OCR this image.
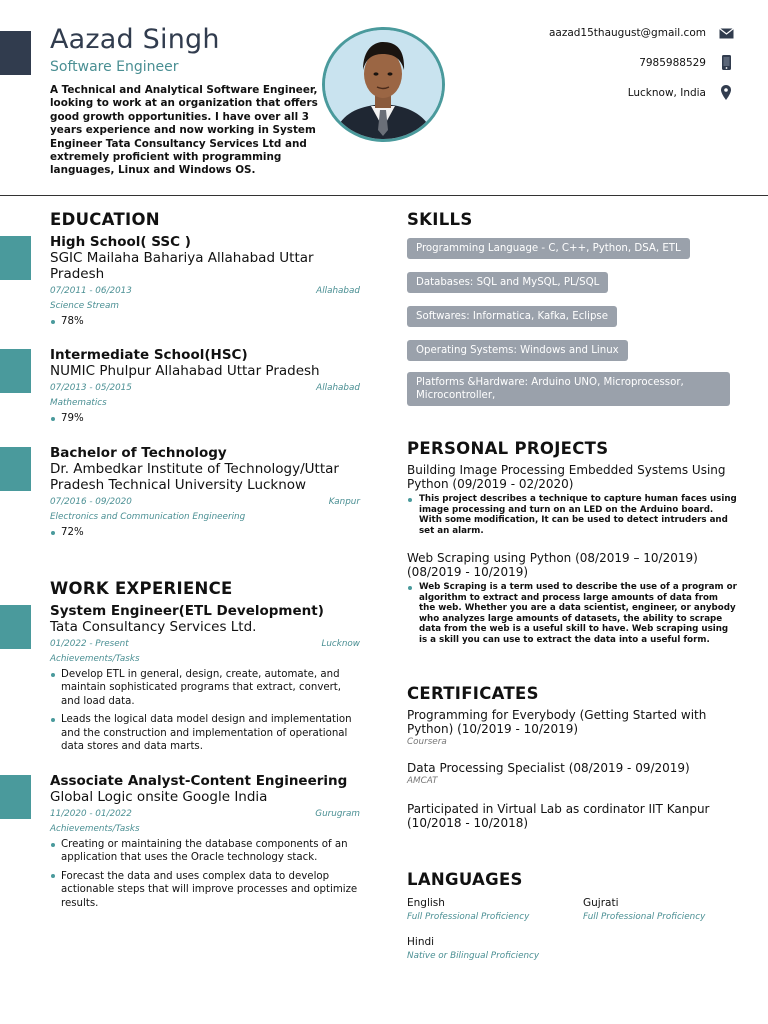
Aazad Singh
Software Engineer
A Technical and Analytical Software Engineer, looking to work at an organization that offers good growth opportunities. I have over all 3 years experience and now working in System Engineer Tata Consultancy Services Ltd and extremely proficient with programming languages, Linux and Windows OS.
aazad15thaugust@gmail.com
7985988529
Lucknow, India
EDUCATION
High School( SSC )
SGIC Mailaha Bahariya Allahabad Uttar Pradesh
07/2011 - 06/2013	Allahabad
Science Stream
78%
Intermediate School(HSC)
NUMIC Phulpur Allahabad Uttar Pradesh
07/2013 - 05/2015	Allahabad
Mathematics
79%
Bachelor of Technology
Dr. Ambedkar Institute of Technology/Uttar Pradesh Technical University Lucknow
07/2016 - 09/2020	Kanpur
Electronics and Communication Engineering
72%
WORK EXPERIENCE
System Engineer(ETL Development)
Tata Consultancy Services Ltd.
01/2022 - Present	Lucknow
Achievements/Tasks
Develop ETL in general, design, create, automate, and maintain sophisticated programs that extract, convert, and load data.
Leads the logical data model design and implementation and the construction and implementation of operational data stores and data marts.
Associate Analyst-Content Engineering
Global Logic onsite Google India
11/2020 - 01/2022	Gurugram
Achievements/Tasks
Creating or maintaining the database components of an application that uses the Oracle technology stack.
Forecast the data and uses complex data to develop actionable steps that will improve processes and optimize results.
SKILLS
Programming Language - C, C++, Python, DSA, ETL
Databases: SQL and MySQL, PL/SQL
Softwares: Informatica, Kafka, Eclipse
Operating Systems: Windows and Linux
Platforms &Hardware: Arduino UNO, Microprocessor, Microcontroller,
PERSONAL PROJECTS
Building Image Processing Embedded Systems Using Python (09/2019 - 02/2020)
This project describes a technique to capture human faces using image processing and turn on an LED on the Arduino board. With some modification, It can be used to detect intruders and set an alarm.
Web Scraping using Python (08/2019 – 10/2019) (08/2019 - 10/2019)
Web Scraping is a term used to describe the use of a program or algorithm to extract and process large amounts of data from the web. Whether you are a data scientist, engineer, or anybody who analyzes large amounts of datasets, the ability to scrape data from the web is a useful skill to have. Web scraping using is a skill you can use to extract the data into a useful form.
CERTIFICATES
Programming for Everybody (Getting Started with Python) (10/2019 - 10/2019)
Coursera
Data Processing Specialist (08/2019 - 09/2019)
AMCAT
Participated in Virtual Lab as cordinator IIT Kanpur (10/2018 - 10/2018)
LANGUAGES
English
Full Professional Proficiency
Gujrati
Full Professional Proficiency
Hindi
Native or Bilingual Proficiency
